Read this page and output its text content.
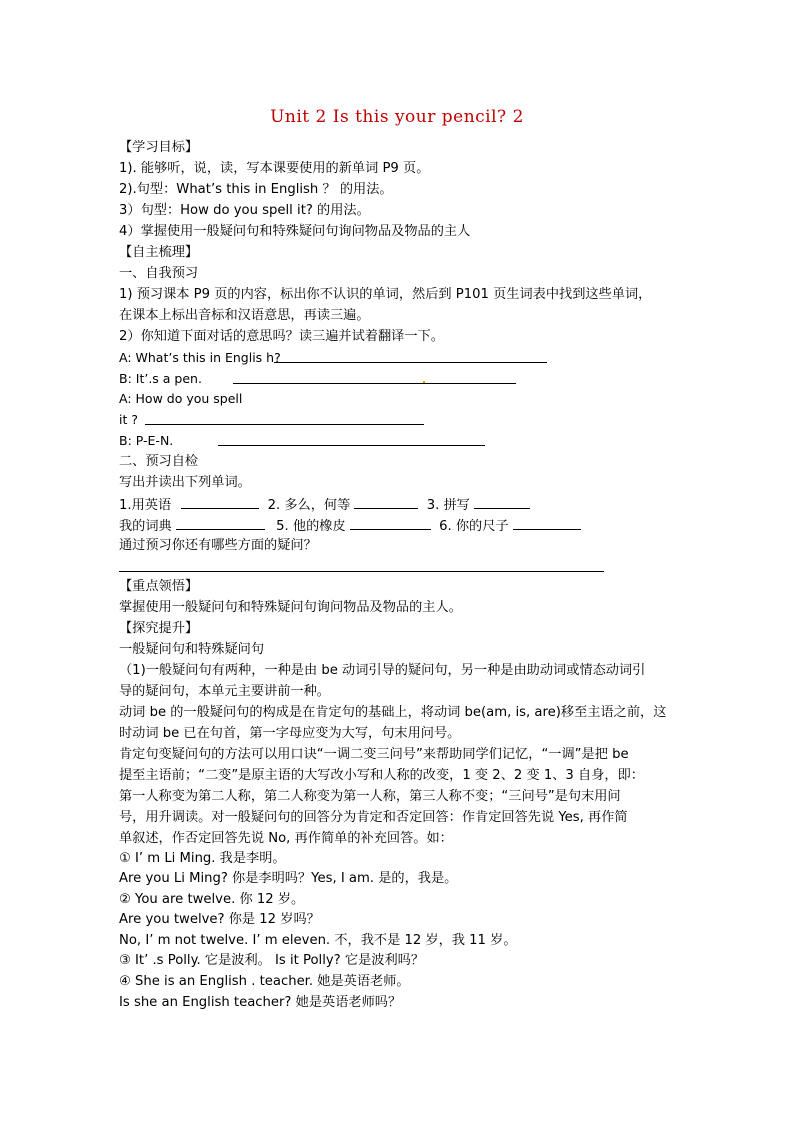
Unit 2 Is this your pencil? 2
【学习目标】
1). 能够听，说，读，写本课要使用的新单词 P9 页。
2).句型：What’s this in English ？ 的用法。
3）句型：How do you spell it? 的用法。
4）掌握使用一般疑问句和特殊疑问句询问物品及物品的主人
【自主梳理】
一、自我预习
1) 预习课本 P9 页的内容，标出你不认识的单词，然后到 P101 页生词表中找到这些单词，
在课本上标出音标和汉语意思，再读三遍。
2）你知道下面对话的意思吗？读三遍并试着翻译一下。
A: What’s this in Englis h?
B: It’.s a pen.
A: How do you spell
it ?
B: P-E-N.
二、预习自检
写出并读出下列单词。
1.用英语	2. 多么，何等	3. 拼写
我的词典	5. 他的橡皮	6. 你的尺子
通过预习你还有哪些方面的疑问？
【重点领悟】
掌握使用一般疑问句和特殊疑问句询问物品及物品的主人。
【探究提升】
一般疑问句和特殊疑问句
（1)一般疑问句有两种，一种是由 be 动词引导的疑问句，另一种是由助动词或情态动词引
导的疑问句，本单元主要讲前一种。
动词 be 的一般疑问句的构成是在肯定句的基础上，将动词 be(am, is, are)移至主语之前，这
时动词 be 已在句首，第一字母应变为大写，句末用问号。
肯定句变疑问句的方法可以用口诀“一调二变三问号”来帮助同学们记忆，“一调”是把 be
提至主语前；“二变”是原主语的大写改小写和人称的改变，1 变 2、2 变 1、3 自身，即：
第一人称变为第二人称，第二人称变为第一人称，第三人称不变；“三问号”是句末用问
号，用升调读。对一般疑问句的回答分为肯定和否定回答：作肯定回答先说 Yes, 再作简
单叙述，作否定回答先说 No, 再作简单的补充回答。如：
① I’ m Li Ming. 我是李明。
Are you Li Ming? 你是李明吗？Yes, I am. 是的，我是。
② You are twelve. 你 12 岁。
Are you twelve? 你是 12 岁吗？
No, I’ m not twelve. I’ m eleven. 不，我不是 12 岁，我 11 岁。
③ It’ .s Polly. 它是波利。 Is it Polly? 它是波利吗？
④ She is an English . teacher. 她是英语老师。
Is she an English teacher? 她是英语老师吗？
